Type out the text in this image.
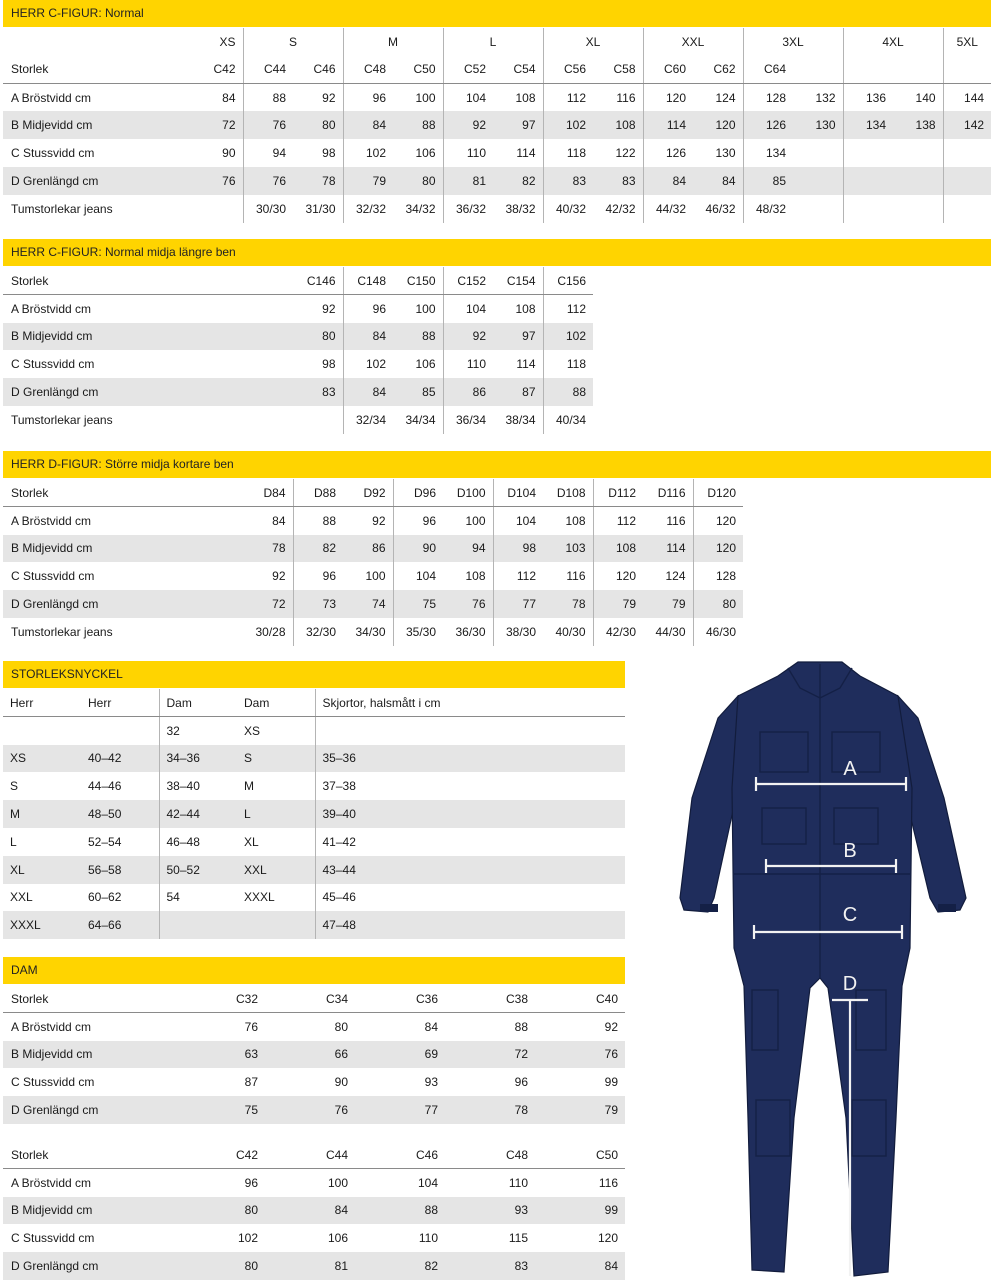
HERR C-FIGUR: Normal
	XS	S		M		L		XL		XXL		3XL		4XL		5XL
Storlek	C42	C44	C46	C48	C50	C52	C54	C56	C58	C60	C62	C64				
A Bröstvidd cm	84	88	92	96	100	104	108	112	116	120	124	128	132	136	140	144
B Midjevidd cm	72	76	80	84	88	92	97	102	108	114	120	126	130	134	138	142
C Stussvidd cm	90	94	98	102	106	110	114	118	122	126	130	134				
D Grenlängd cm	76	76	78	79	80	81	82	83	83	84	84	85				
Tumstorlekar jeans		30/30	31/30	32/32	34/32	36/32	38/32	40/32	42/32	44/32	46/32	48/32				
HERR C-FIGUR: Normal midja längre ben
Storlek	C146	C148	C150	C152	C154	C156
A Bröstvidd cm	92	96	100	104	108	112
B Midjevidd cm	80	84	88	92	97	102
C Stussvidd cm	98	102	106	110	114	118
D Grenlängd cm	83	84	85	86	87	88
Tumstorlekar jeans		32/34	34/34	36/34	38/34	40/34
HERR D-FIGUR: Större midja kortare ben
Storlek	D84	D88	D92	D96	D100	D104	D108	D112	D116	D120
A Bröstvidd cm	84	88	92	96	100	104	108	112	116	120
B Midjevidd cm	78	82	86	90	94	98	103	108	114	120
C Stussvidd cm	92	96	100	104	108	112	116	120	124	128
D Grenlängd cm	72	73	74	75	76	77	78	79	79	80
Tumstorlekar jeans	30/28	32/30	34/30	35/30	36/30	38/30	40/30	42/30	44/30	46/30
STORLEKSNYCKEL
Herr	Herr	Dam	Dam	Skjortor, halsmått i cm
		32	XS	
XS	40–42	34–36	S	35–36
S	44–46	38–40	M	37–38
M	48–50	42–44	L	39–40
L	52–54	46–48	XL	41–42
XL	56–58	50–52	XXL	43–44
XXL	60–62	54	XXXL	45–46
XXXL	64–66			47–48
DAM
Storlek	C32	C34	C36	C38	C40
A Bröstvidd cm	76	80	84	88	92
B Midjevidd cm	63	66	69	72	76
C Stussvidd cm	87	90	93	96	99
D Grenlängd cm	75	76	77	78	79
Storlek	C42	C44	C46	C48	C50
A Bröstvidd cm	96	100	104	110	116
B Midjevidd cm	80	84	88	93	99
C Stussvidd cm	102	106	110	115	120
D Grenlängd cm	80	81	82	83	84
A
B
C
D
